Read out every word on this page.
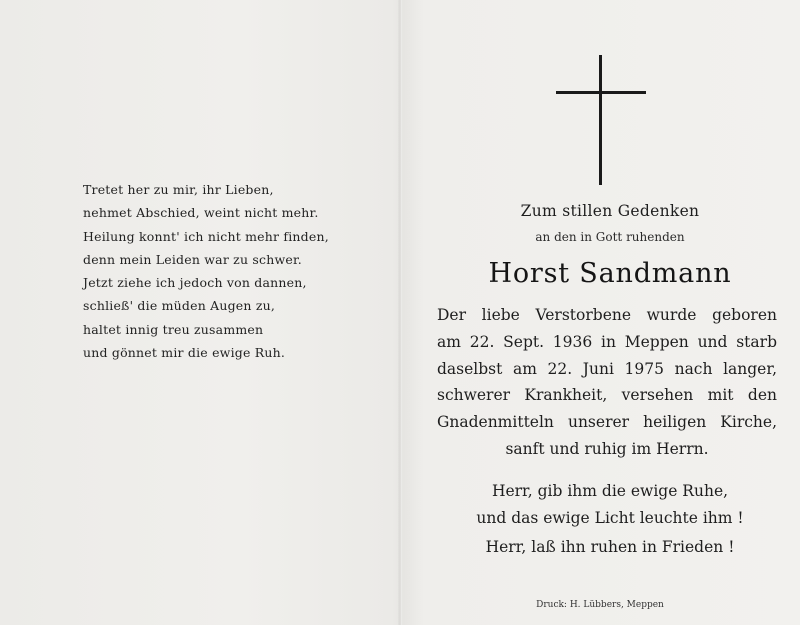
Tretet her zu mir, ihr Lieben,
nehmet Abschied, weint nicht mehr.
Heilung konnt' ich nicht mehr finden,
denn mein Leiden war zu schwer.
Jetzt ziehe ich jedoch von dannen,
schließ' die müden Augen zu,
haltet innig treu zusammen
und gönnet mir die ewige Ruh.
Zum stillen Gedenken
an den in Gott ruhenden
Horst Sandmann
Der liebe Verstorbene wurde geboren
am 22. Sept. 1936 in Meppen und starb
daselbst am 22. Juni 1975 nach langer,
schwerer Krankheit, versehen mit den
Gnadenmitteln unserer heiligen Kirche,
sanft und ruhig im Herrn.
Herr, gib ihm die ewige Ruhe,
und das ewige Licht leuchte ihm !
Herr, laß ihn ruhen in Frieden !
Druck: H. Lübbers, Meppen
